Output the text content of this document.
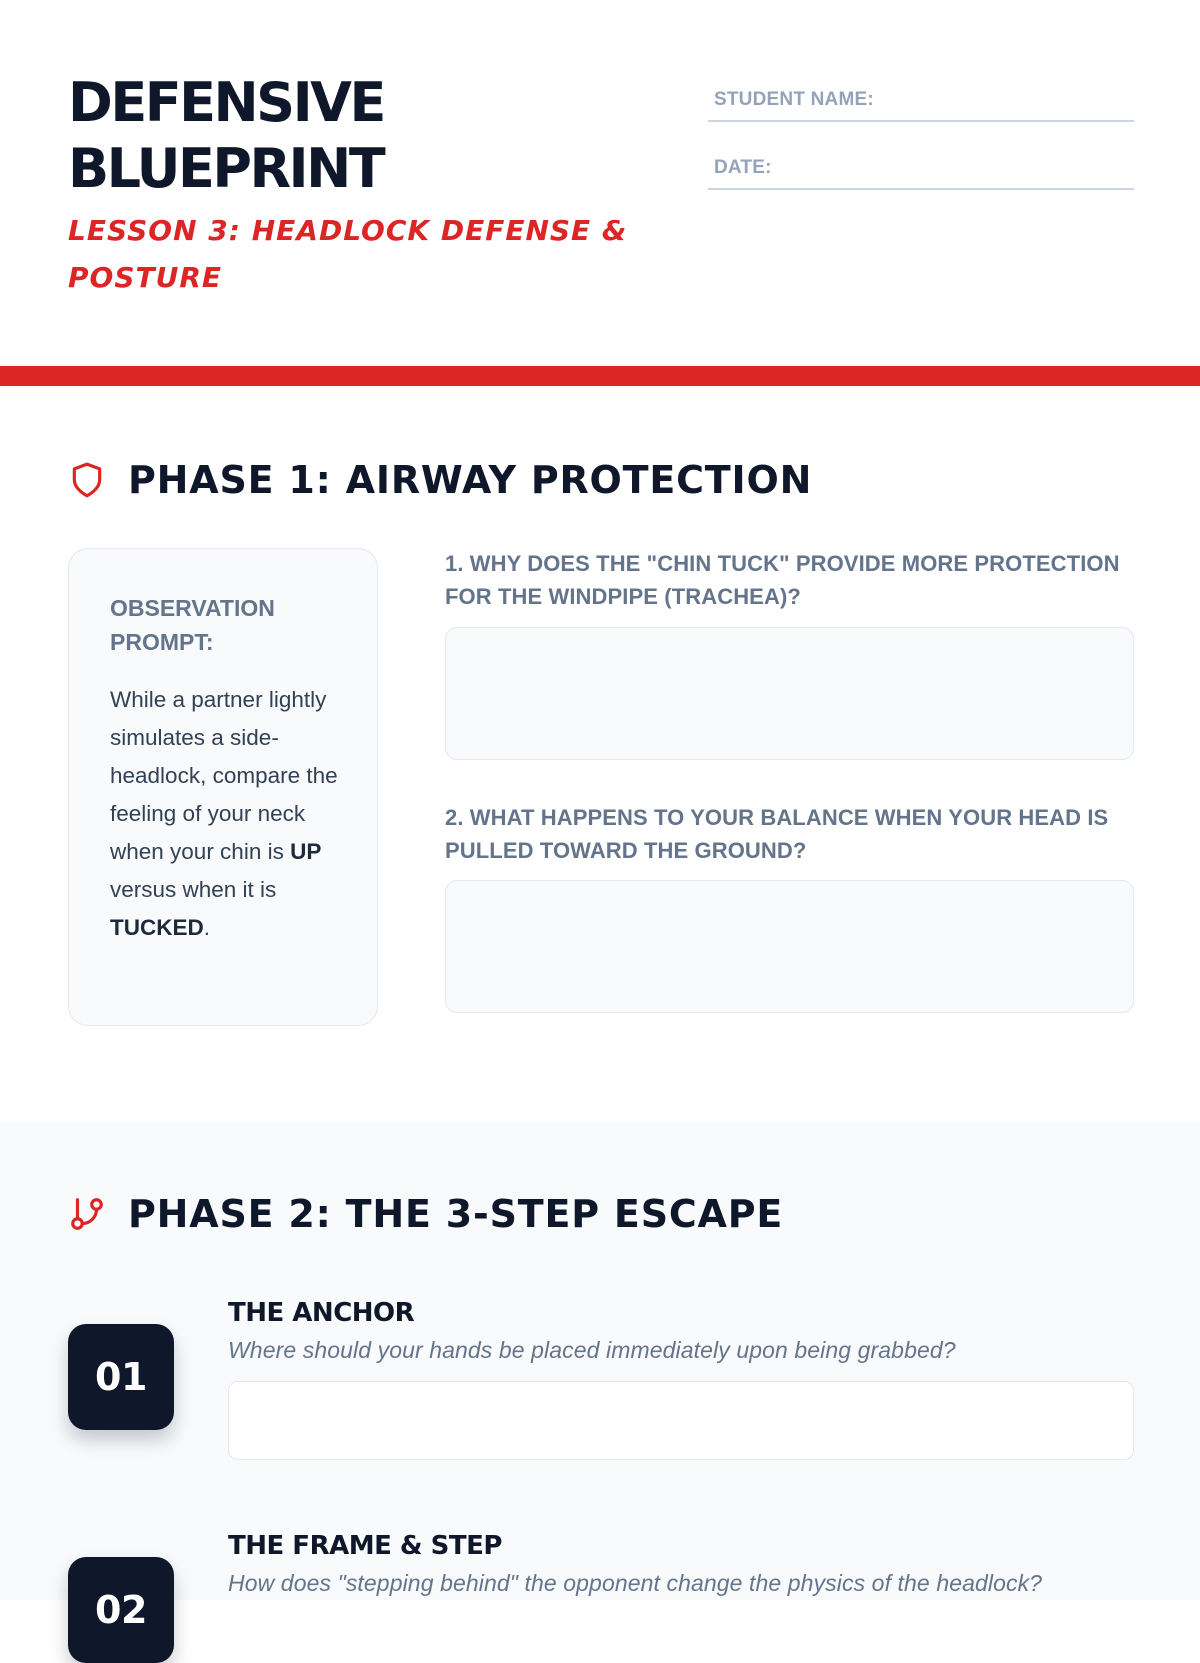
DEFENSIVE
BLUEPRINT
LESSON 3: HEADLOCK DEFENSE & POSTURE
STUDENT NAME:
DATE:
PHASE 1: AIRWAY PROTECTION
OBSERVATION PROMPT:
While a partner lightly simulates a side-headlock, compare the feeling of your neck when your chin is UP versus when it is TUCKED.
1. WHY DOES THE "CHIN TUCK" PROVIDE MORE PROTECTION FOR THE WINDPIPE (TRACHEA)?
2. WHAT HAPPENS TO YOUR BALANCE WHEN YOUR HEAD IS PULLED TOWARD THE GROUND?
PHASE 2: THE 3-STEP ESCAPE
01
THE ANCHOR
Where should your hands be placed immediately upon being grabbed?
02
THE FRAME & STEP
How does "stepping behind" the opponent change the physics of the headlock?
